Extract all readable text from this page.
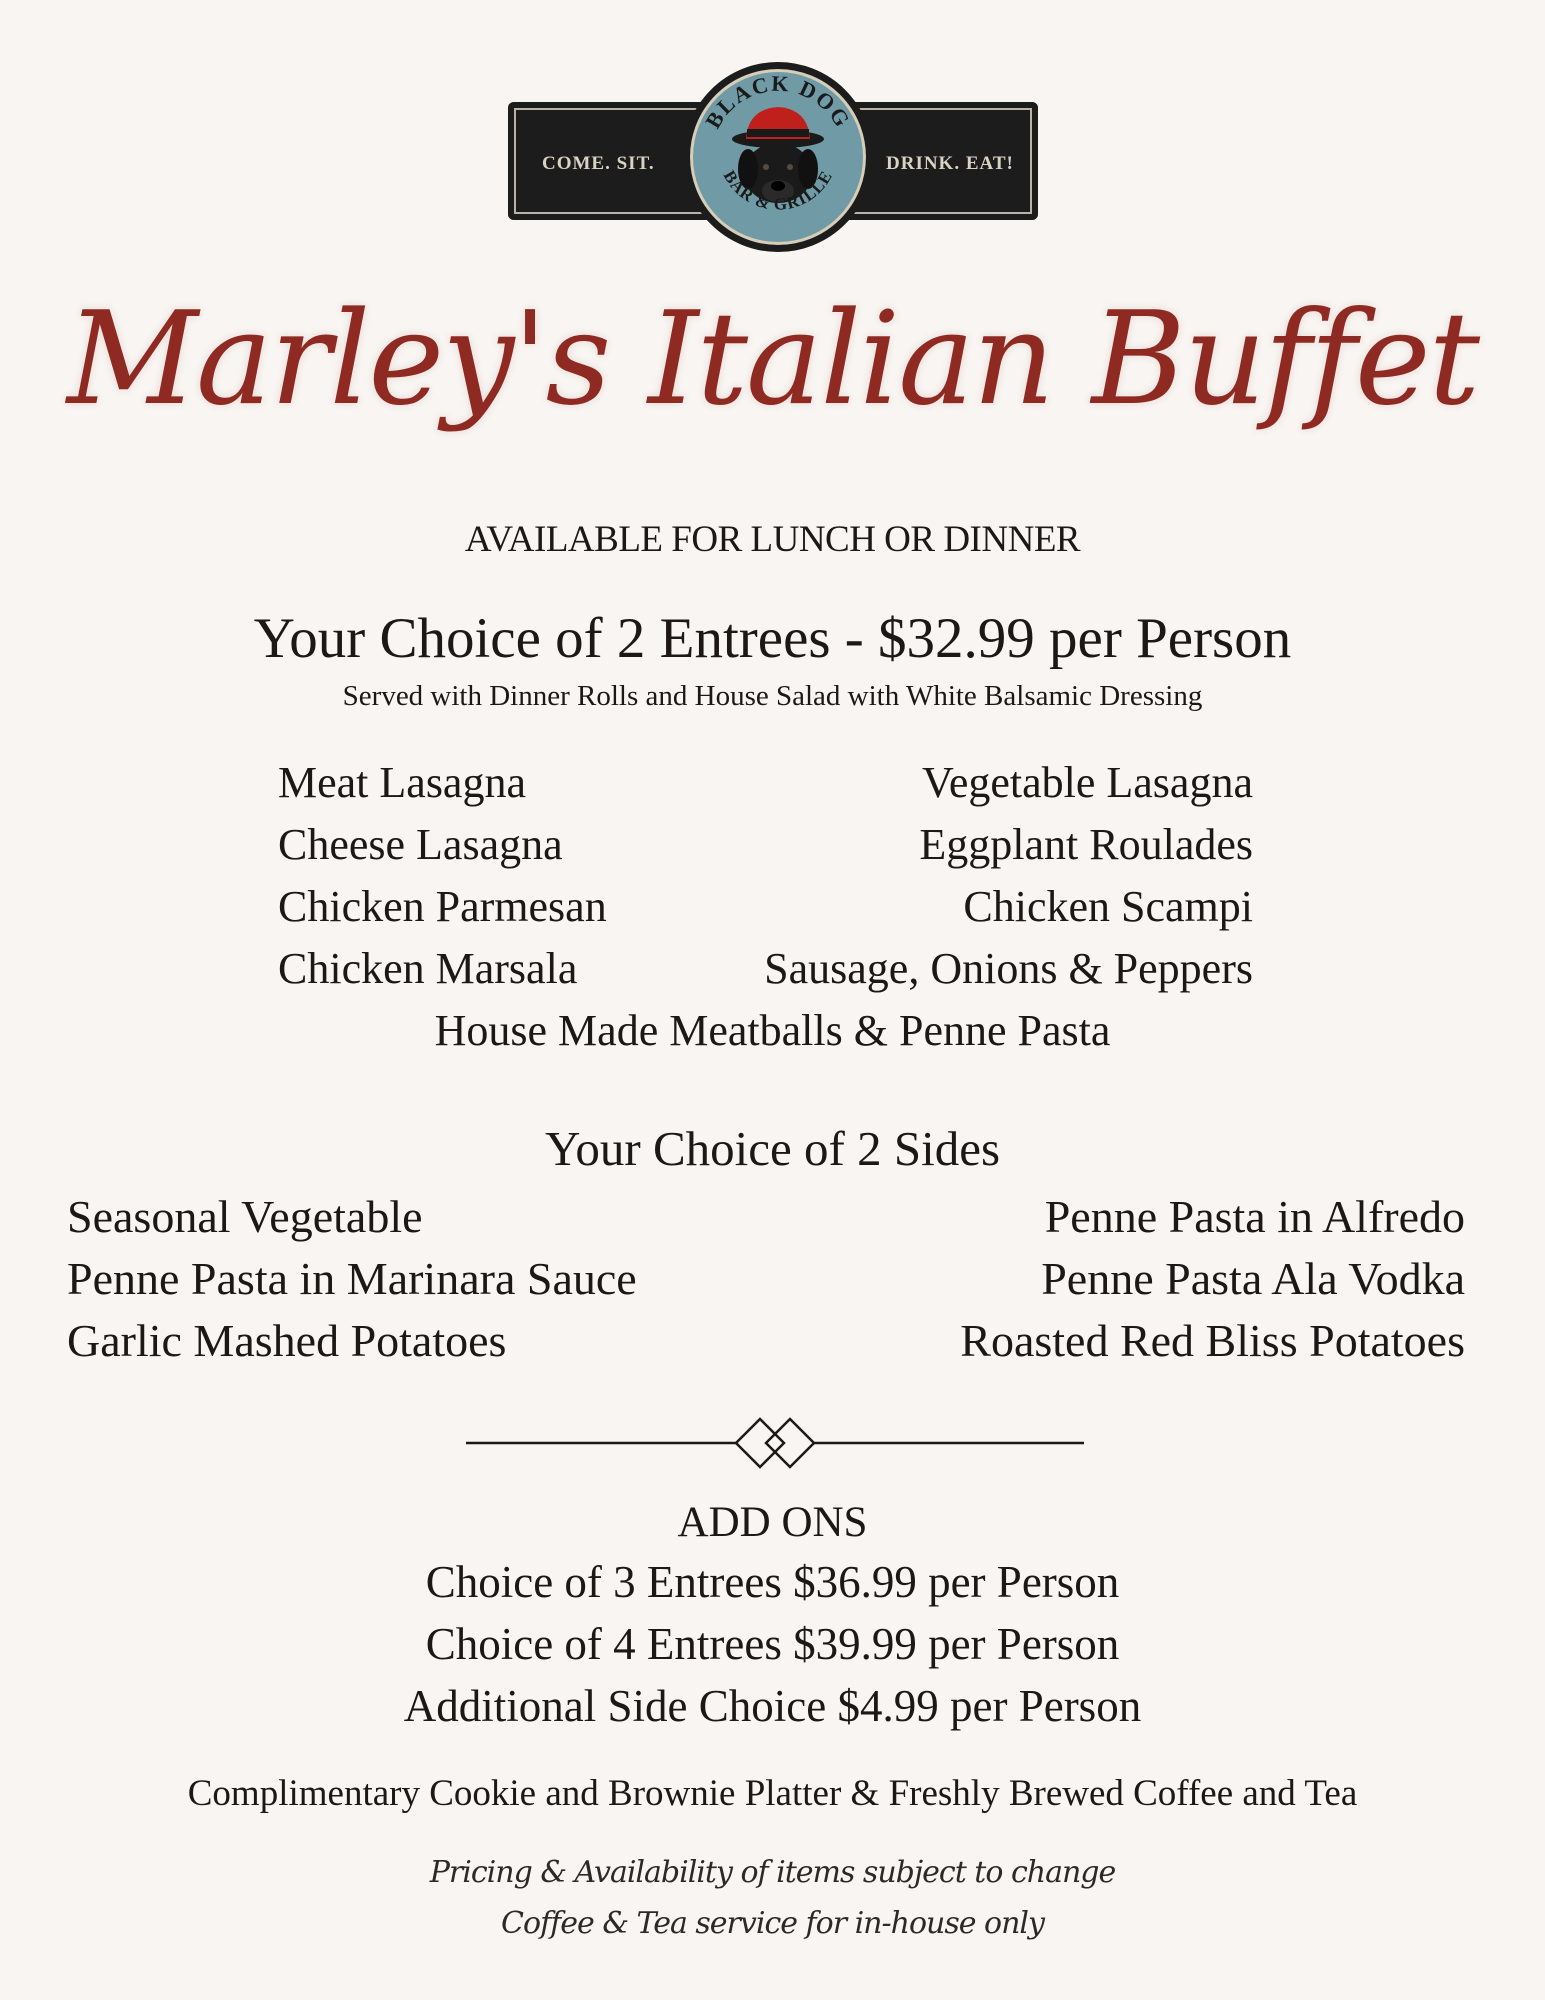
COME. SIT.	DRINK. EAT!
BLACK DOG
BAR & GRILLE
Marley's Italian Buffet
AVAILABLE FOR LUNCH OR DINNER
Your Choice of 2 Entrees - $32.99 per Person
Served with Dinner Rolls and House Salad with White Balsamic Dressing
Meat Lasagna
Cheese Lasagna
Chicken Parmesan
Chicken Marsala
Vegetable Lasagna
Eggplant Roulades
Chicken Scampi
Sausage, Onions & Peppers
House Made Meatballs & Penne Pasta
Your Choice of 2 Sides
Seasonal Vegetable
Penne Pasta in Marinara Sauce
Garlic Mashed Potatoes
Penne Pasta in Alfredo
Penne Pasta Ala Vodka
Roasted Red Bliss Potatoes
ADD ONS
Choice of 3 Entrees $36.99 per Person
Choice of 4 Entrees $39.99 per Person
Additional Side Choice $4.99 per Person
Complimentary Cookie and Brownie Platter & Freshly Brewed Coffee and Tea
Pricing & Availability of items subject to change
Coffee & Tea service for in-house only
